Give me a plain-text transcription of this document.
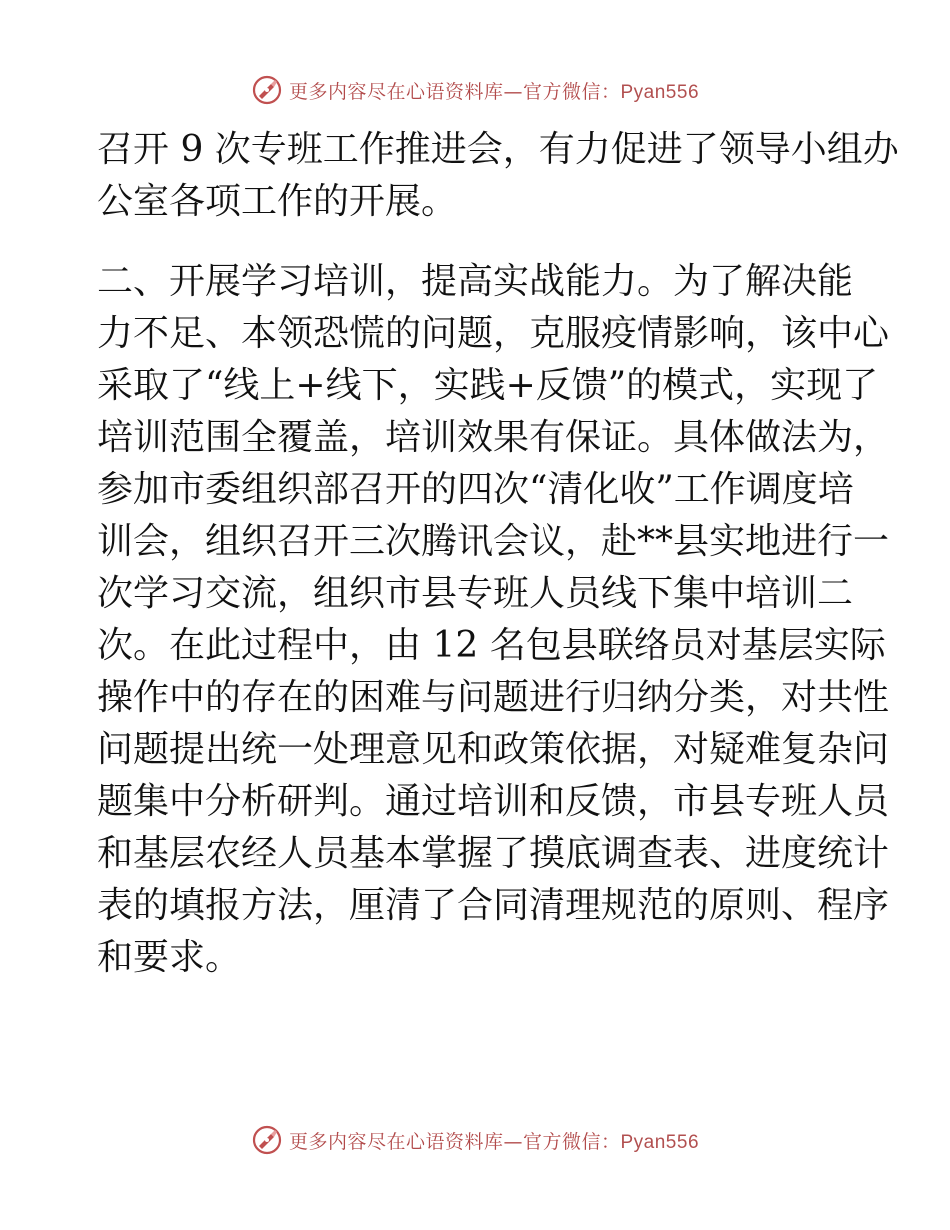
更多内容尽在心语资料库—官方微信：Pyan556
召开 9 次专班工作推进会，有力促进了领导小组办
公室各项工作的开展。
二、开展学习培训，提高实战能力。为了解决能
力不足、本领恐慌的问题，克服疫情影响，该中心
采取了“线上+线下，实践+反馈”的模式，实现了
培训范围全覆盖，培训效果有保证。具体做法为，
参加市委组织部召开的四次“清化收”工作调度培
训会，组织召开三次腾讯会议，赴**县实地进行一
次学习交流，组织市县专班人员线下集中培训二
次。在此过程中，由 12 名包县联络员对基层实际
操作中的存在的困难与问题进行归纳分类，对共性
问题提出统一处理意见和政策依据，对疑难复杂问
题集中分析研判。通过培训和反馈，市县专班人员
和基层农经人员基本掌握了摸底调查表、进度统计
表的填报方法，厘清了合同清理规范的原则、程序
和要求。
更多内容尽在心语资料库—官方微信：Pyan556
